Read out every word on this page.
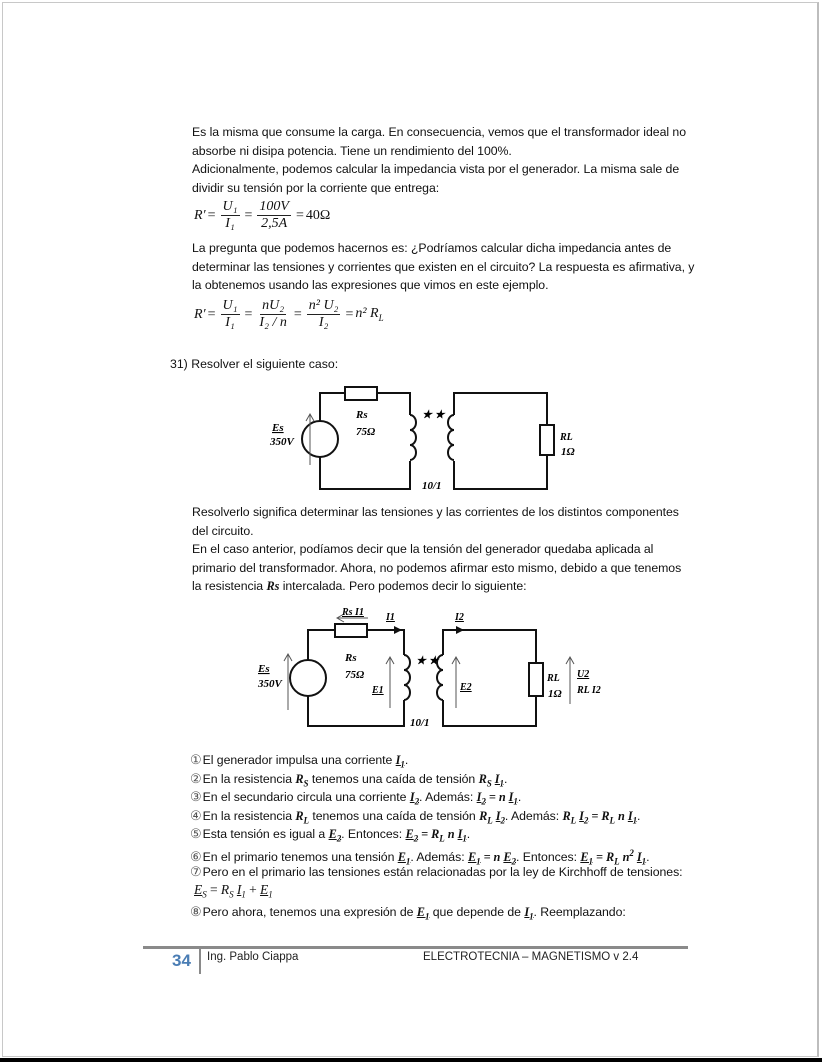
Es la misma que consume la carga. En consecuencia, vemos que el transformador ideal no

absorbe ni disipa potencia. Tiene un rendimiento del 100%.

Adicionalmente, podemos calcular la impedancia vista por el generador. La misma sale de

dividir su tensión por la corriente que entrega:

$R' = \frac{\text{U₁}}{\text{I₁}} = \frac{100V}{2,5A} = 40\Omega$

La pregunta que podemos hacernos es: ¿Podríamos calcular dicha impedancia antes de

determinar las tensiones y corrientes que existen en el circuito? La respuesta es afirmativa, y

la obtenemos usando las expresiones que vimos en este ejemplo.

$R' = \frac{\text{U₁}}{\text{I₁}} = \frac{\text{nU₂}}{\text{I₂ / n}} = \frac{\text{n² U₂}}{\text{I₂}} = n^2$ $R_L$
31) Resolver el siguiente caso:
★ ★
Rs
75Ω
Es
350V	RL
1Ω
10/1

Resolverlo significa determinar las tensiones y las corrientes de los distintos componentes

del circuito.

En el caso anterior, podíamos decir que la tensión del generador quedaba aplicada al

primario del transformador. Ahora, no podemos afirmar esto mismo, debido a que tenemos

la resistencia Rs intercalada. Pero podemos decir lo siguiente:

Rs I1 I1	I2
★ ★
Rs
75Ω
E1	E2
Es
350V	RL
1Ω
U2
RL I2
10/1
①El generador impulsa una corriente $I_1$.
②En la resistencia $R_S$ tenemos una caída de tensión $R_S$ $I_1$.
③En el secundario circula una corriente $I_2$. Además: $I_2 = n$ $I_1$.
④En la resistencia $R_L$ tenemos una caída de tensión $R_L$ $I_2$. Además: $R_L$ $I_2 = R_L$ n $I_1$.
⑤Esta tensión es igual a $E_2$. Entonces: $E_2 = R_L$ n $I_1$.
⑥En el primario tenemos una tensión $E_1$. Además: $E_1 = n$ $E_2$. Entonces: $E_1 = R_L$ $n^2$ $I_1$.
⑦Pero en el primario las tensiones están relacionadas por la ley de Kirchhoff de tensiones:
$E_S = R_S$ $I_1 + E_1$
⑧Pero ahora, tenemos una expresión de $E_1$ que depende de $I_1$. Reemplazando:
34 Ing. Pablo Ciappa	ELECTROTECNIA – MAGNETISMO v 2.4
